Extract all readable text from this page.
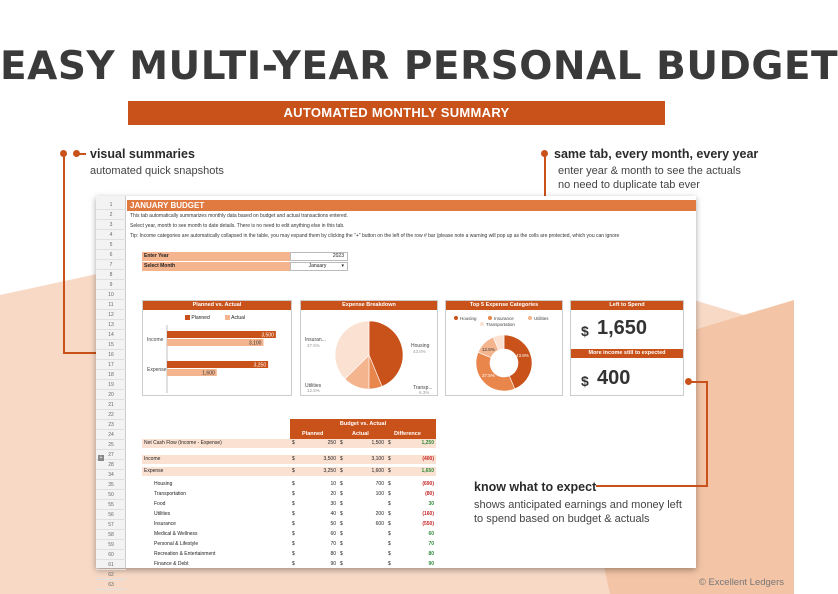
EASY MULTI-YEAR PERSONAL BUDGET
AUTOMATED MONTHLY SUMMARY
visual summaries
automated quick snapshots
same tab, every month, every year
enter year & month to see the actuals
no need to duplicate tab ever
1
2
3
4
5
6
7
8
9
10
11
12
13
14
15
16
17
18
19
20
21
22
23
24
25
27
28
34
35
50
55
56
57
58
59
60
61
62
63
JANUARY BUDGET
This tab automatically summarizes monthly data based on budget and actual transactions entered.
Select year, month to see month to date details. There is no need to edit anything else in this tab.
Tip: Income categories are automatically collapsed in the table, you may expand them by clicking the "+" button on the left of the row # bar (please note a warning will pop up as the cells are protected, which you can ignore
Enter Year	2023
Select Month	January	▾
Planned vs. Actual
Planned	Actual
Income
3,500
3,100
Expense
3,250
1,600
Expense Breakdown
Housing
43.8%
Transp...
6.3%
Utilities
12.5%
Insuran...
37.5%
Top 5 Expense Categories
Housing	Insurance	Utilities
Transportation
43.8%
37.5%
12.5%
Left to Spend
$ 1,650
More income still to expected
$ 400
Budget vs. Actual
Planned	Actual	Difference
Net Cash Flow (Income - Expense)	$	250 $	1,500 $	1,250
Income	$	3,500 $	3,100 $	(400)
Expense	$	3,250 $	1,600 $	1,650
Housing	$	10 $	700 $	(690)
Transportation	$	20 $	100 $	(80)
Food	$	30 $	$	30
Utilities	$	40 $	200 $	(160)
Insurance	$	50 $	600 $	(550)
Medical & Wellness	$	60 $	$	60
Personal & Lifestyle	$	70 $	$	70
Recreation & Entertainment	$	80 $	$	80
Finance & Debt	$	90 $	$	90
+
know what to expect
shows anticipated earnings and money left
to spend based on budget & actuals
© Excellent Ledgers
